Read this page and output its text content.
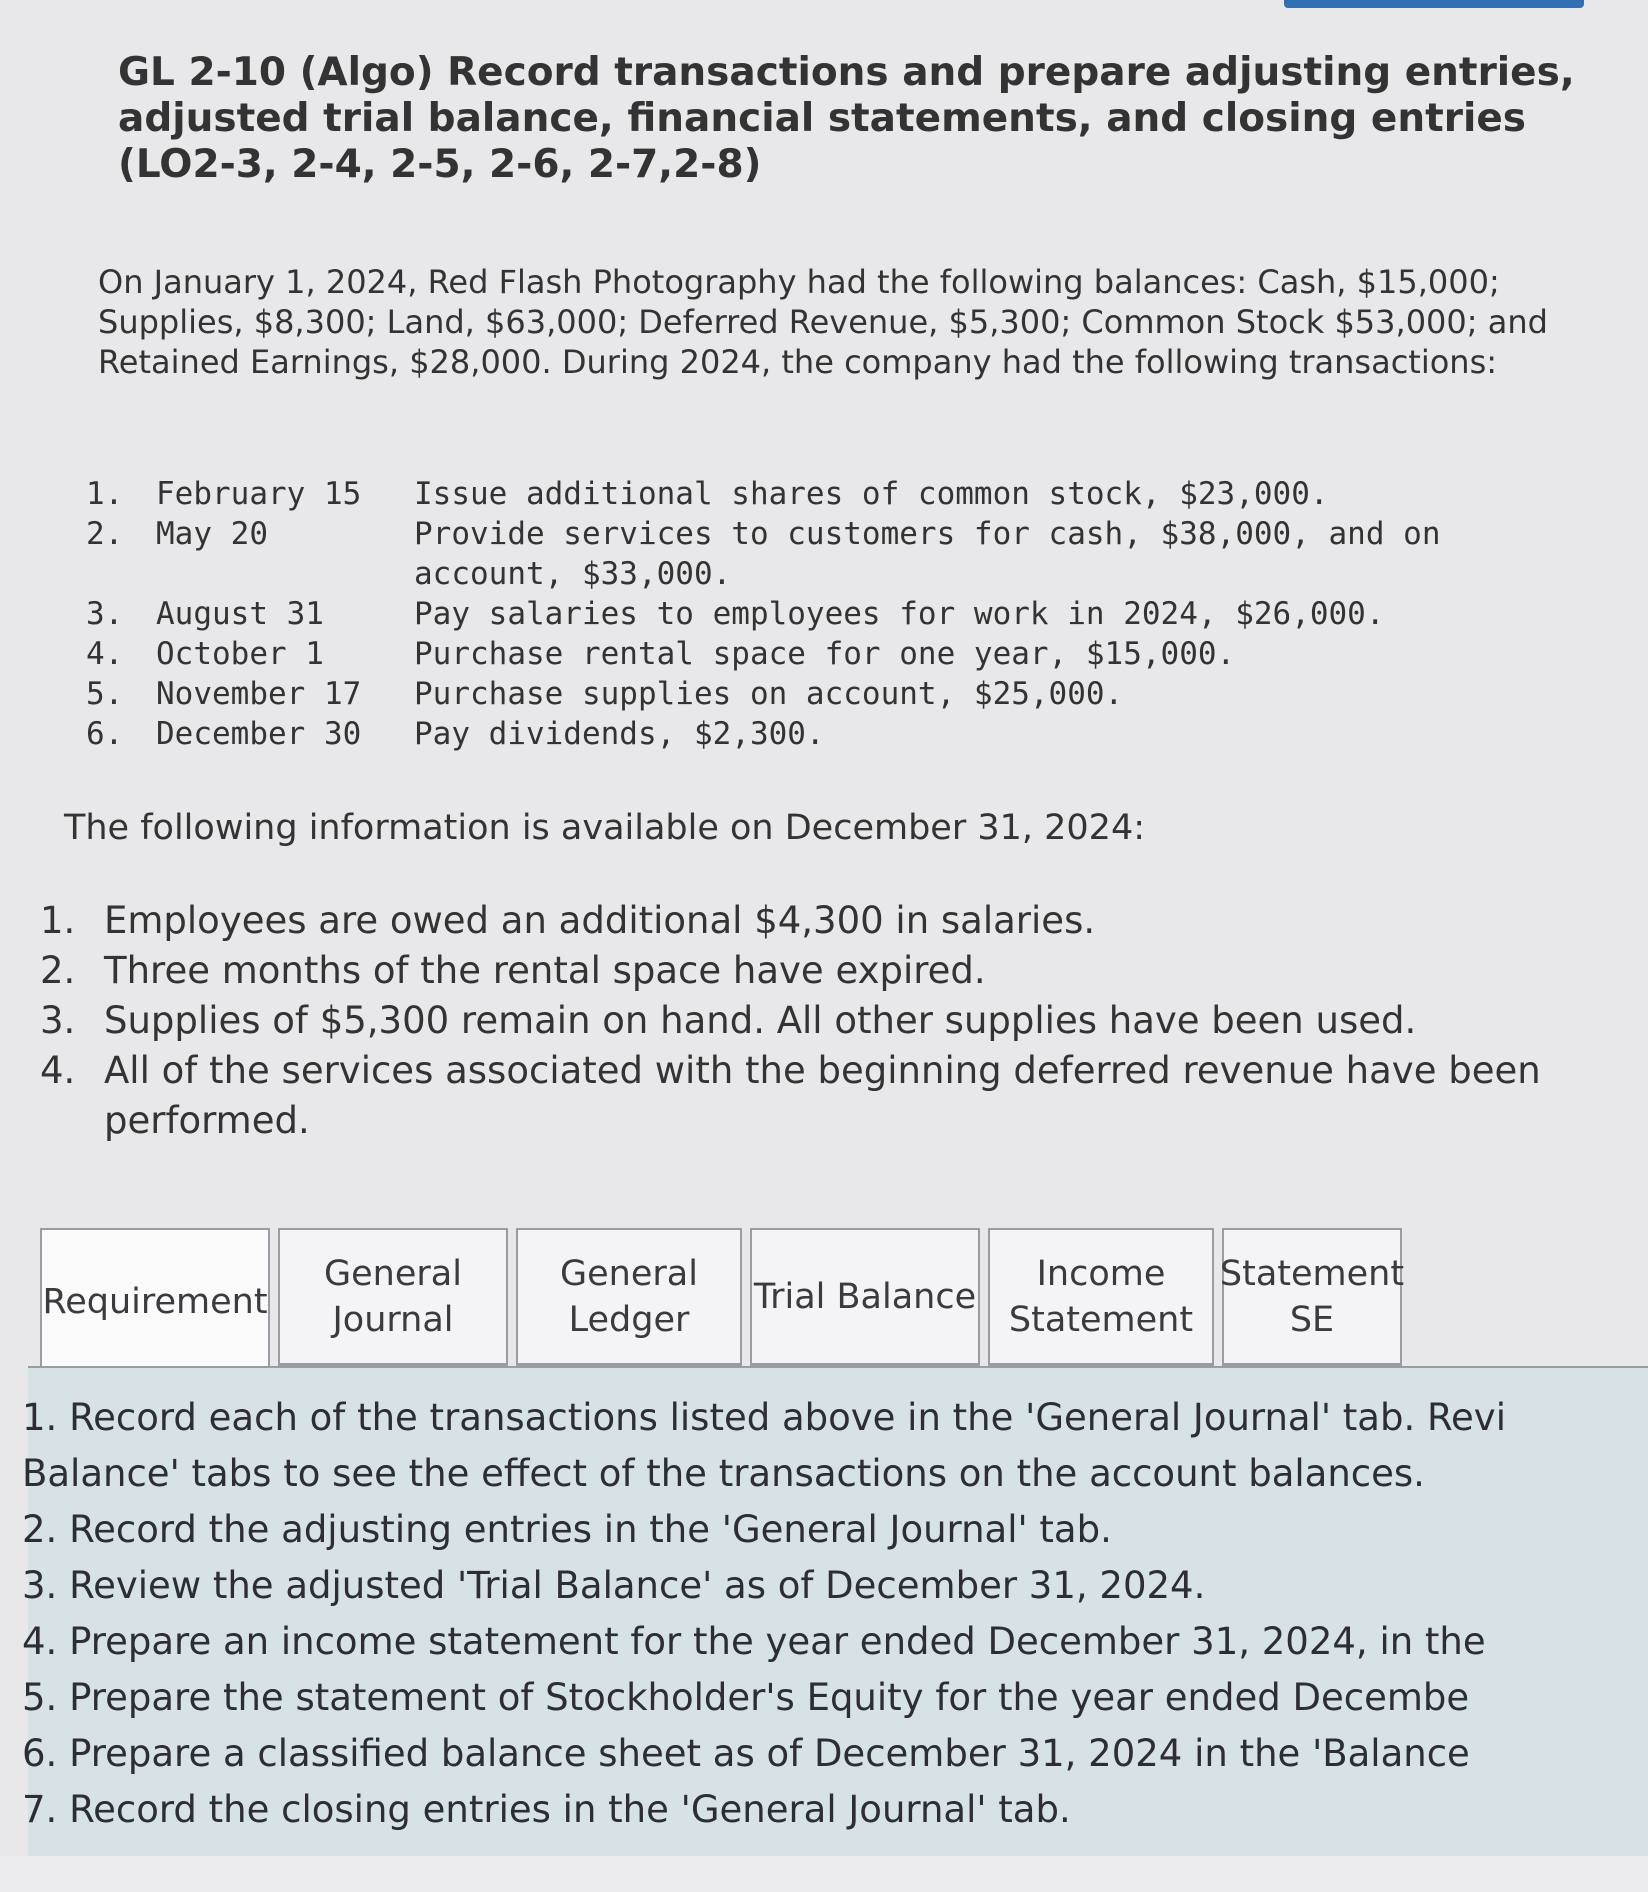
GL 2-10 (Algo) Record transactions and prepare adjusting entries, adjusted trial balance, financial statements, and closing entries (LO2-3, 2-4, 2-5, 2-6, 2-7,2-8)

On January 1, 2024, Red Flash Photography had the following balances: Cash, $15,000; Supplies, $8,300; Land, $63,000; Deferred Revenue, $5,300; Common Stock $53,000; and Retained Earnings, $28,000. During 2024, the company had the following transactions:

1.	February 15	Issue additional shares of common stock, $23,000.
2.	May 20	Provide services to customers for cash, $38,000, and on account, $33,000.
3.	August 31	Pay salaries to employees for work in 2024, $26,000.
4.	October 1	Purchase rental space for one year, $15,000.
5.	November 17	Purchase supplies on account, $25,000.
6.	December 30	Pay dividends, $2,300.

The following information is available on December 31, 2024:

1. Employees are owed an additional $4,300 in salaries.
2. Three months of the rental space have expired.
3. Supplies of $5,300 remain on hand. All other supplies have been used.
4. All of the services associated with the beginning deferred revenue have been performed.
Requirement
General Journal
General Ledger
Trial Balance
Income Statement
Statement SE
1. Record each of the transactions listed above in the 'General Journal' tab. Revi
Balance' tabs to see the effect of the transactions on the account balances.
2. Record the adjusting entries in the 'General Journal' tab.
3. Review the adjusted 'Trial Balance' as of December 31, 2024.
4. Prepare an income statement for the year ended December 31, 2024, in the
5. Prepare the statement of Stockholder's Equity for the year ended Decembe
6. Prepare a classified balance sheet as of December 31, 2024 in the 'Balance
7. Record the closing entries in the 'General Journal' tab.
